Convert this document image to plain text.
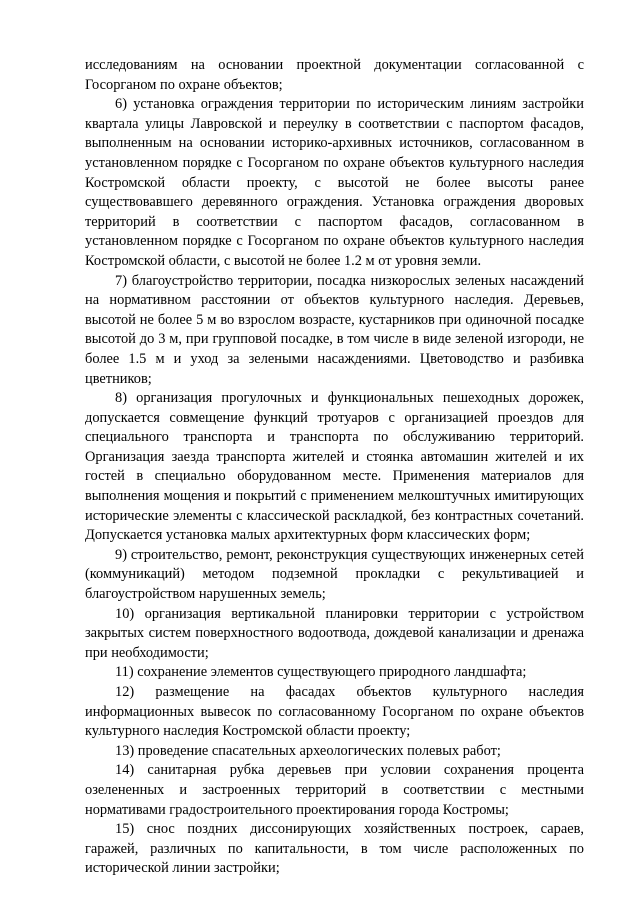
исследованиям на основании проектной документации согласованной с Госорганом по охране объектов;

6) установка ограждения территории по историческим линиям застройки квартала улицы Лавровской и переулку в соответствии с паспортом фасадов, выполненным на основании историко-архивных источников, согласованном в установленном порядке с Госорганом по охране объектов культурного наследия Костромской области проекту, с высотой не более высоты ранее существовавшего деревянного ограждения. Установка ограждения дворовых территорий в соответствии с паспортом фасадов, согласованном в установленном порядке с Госорганом по охране объектов культурного наследия Костромской области, с высотой не более 1.2 м от уровня земли.

7) благоустройство территории, посадка низкорослых зеленых насаждений на нормативном расстоянии от объектов культурного наследия. Деревьев, высотой не более 5 м во взрослом возрасте, кустарников при одиночной посадке высотой до 3 м, при групповой посадке, в том числе в виде зеленой изгороди, не более 1.5 м и уход за зелеными насаждениями. Цветоводство и разбивка цветников;

8) организация прогулочных и функциональных пешеходных дорожек, допускается совмещение функций тротуаров с организацией проездов для специального транспорта и транспорта по обслуживанию территорий. Организация заезда транспорта жителей и стоянка автомашин жителей и их гостей в специально оборудованном месте. Применения материалов для выполнения мощения и покрытий с применением мелкоштучных имитирующих исторические элементы с классической раскладкой, без контрастных сочетаний. Допускается установка малых архитектурных форм классических форм;

9) строительство, ремонт, реконструкция существующих инженерных сетей (коммуникаций) методом подземной прокладки с рекультивацией и благоустройством нарушенных земель;

10) организация вертикальной планировки территории с устройством закрытых систем поверхностного водоотвода, дождевой канализации и дренажа при необходимости;

11) сохранение элементов существующего природного ландшафта;

12) размещение на фасадах объектов культурного наследия информационных вывесок по согласованному Госорганом по охране объектов культурного наследия Костромской области проекту;

13) проведение спасательных археологических полевых работ;

14) санитарная рубка деревьев при условии сохранения процента озелененных и застроенных территорий в соответствии с местными нормативами градостроительного проектирования города Костромы;

15) снос поздних диссонирующих хозяйственных построек, сараев, гаражей, различных по капитальности, в том числе расположенных по исторической линии застройки;
